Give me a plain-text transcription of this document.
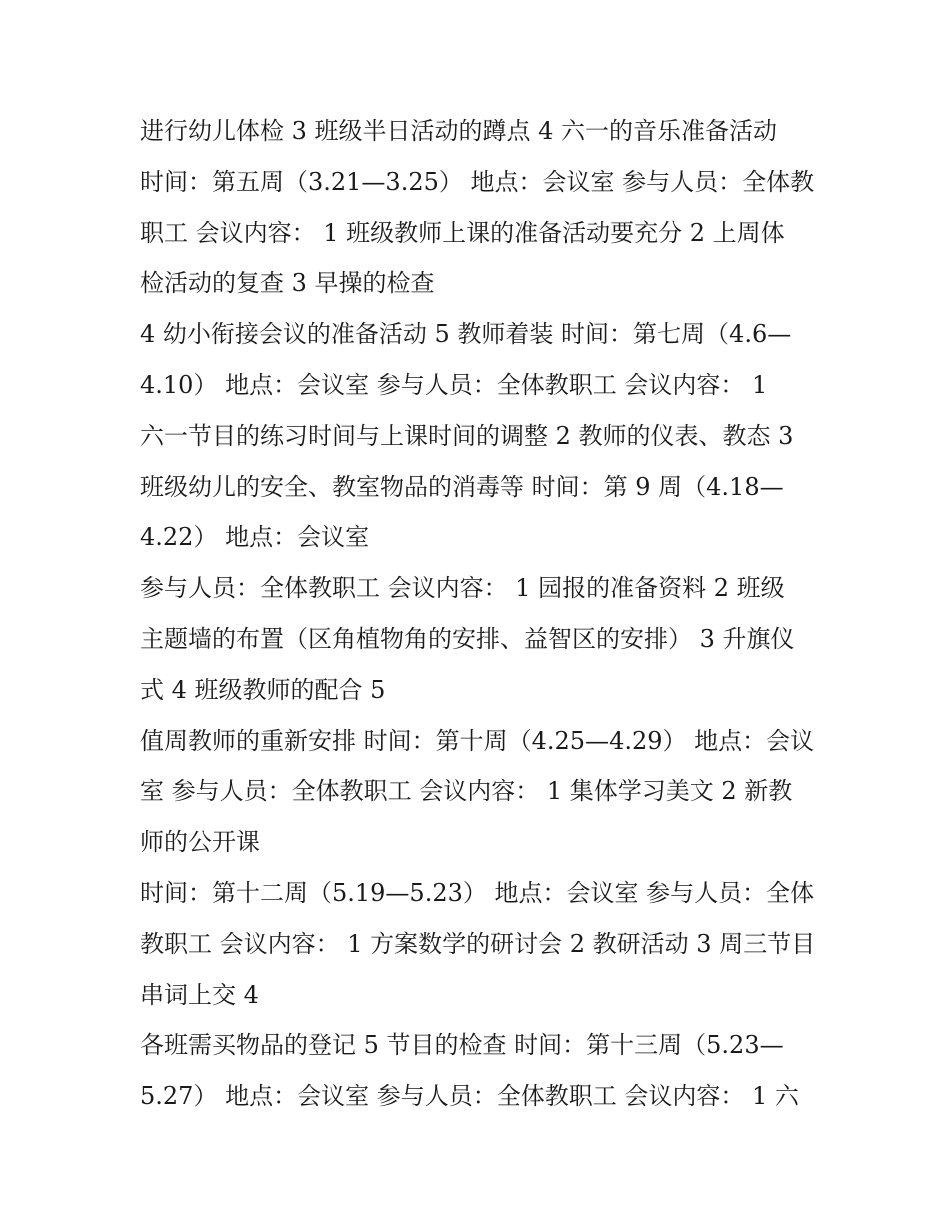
进行幼儿体检 3 班级半日活动的蹲点 4 六一的音乐准备活动
时间：第五周（3.21—3.25） 地点：会议室 参与人员：全体教
职工 会议内容： 1 班级教师上课的准备活动要充分 2 上周体
检活动的复查 3 早操的检查
4 幼小衔接会议的准备活动 5 教师着装 时间：第七周（4.6—
4.10） 地点：会议室 参与人员：全体教职工 会议内容： 1
六一节目的练习时间与上课时间的调整 2 教师的仪表、教态 3
班级幼儿的安全、教室物品的消毒等 时间：第 9 周（4.18—
4.22） 地点：会议室
参与人员：全体教职工 会议内容： 1 园报的准备资料 2 班级
主题墙的布置（区角植物角的安排、益智区的安排） 3 升旗仪
式 4 班级教师的配合 5
值周教师的重新安排 时间：第十周（4.25—4.29） 地点：会议
室 参与人员：全体教职工 会议内容： 1 集体学习美文 2 新教
师的公开课
时间：第十二周（5.19—5.23） 地点：会议室 参与人员：全体
教职工 会议内容： 1 方案数学的研讨会 2 教研活动 3 周三节目
串词上交 4
各班需买物品的登记 5 节目的检查 时间：第十三周（5.23—
5.27） 地点：会议室 参与人员：全体教职工 会议内容： 1 六
